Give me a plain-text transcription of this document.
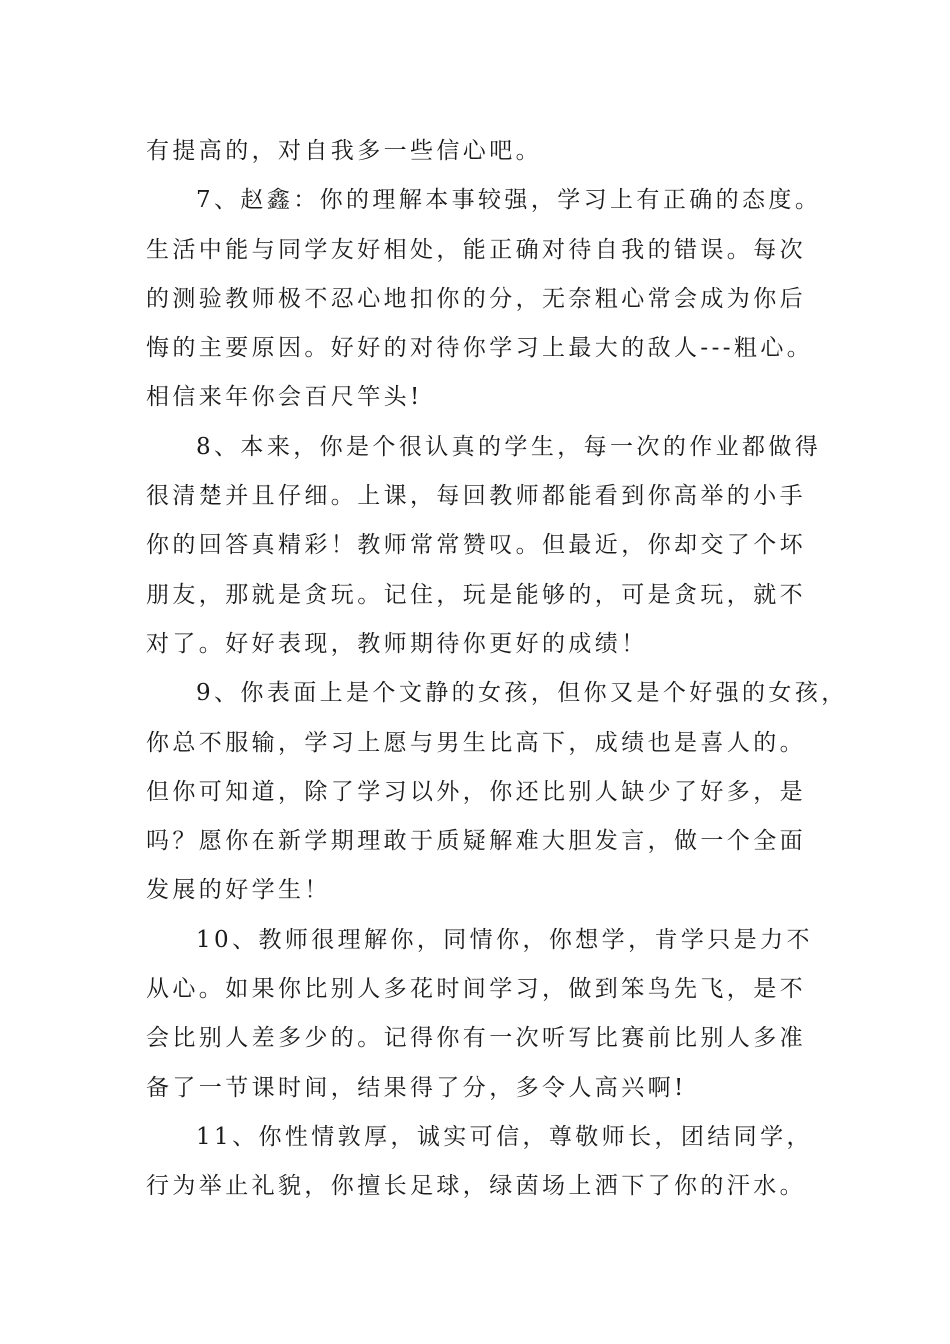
有提高的，对自我多一些信心吧。
7、赵鑫：你的理解本事较强，学习上有正确的态度。
生活中能与同学友好相处，能正确对待自我的错误。每次
的测验教师极不忍心地扣你的分，无奈粗心常会成为你后
悔的主要原因。好好的对待你学习上最大的敌人---粗心。
相信来年你会百尺竿头!
8、本来，你是个很认真的学生，每一次的作业都做得
很清楚并且仔细。上课，每回教师都能看到你高举的小手
你的回答真精彩！教师常常赞叹。但最近，你却交了个坏
朋友，那就是贪玩。记住，玩是能够的，可是贪玩，就不
对了。好好表现，教师期待你更好的成绩！
9、你表面上是个文静的女孩，但你又是个好强的女孩，
你总不服输，学习上愿与男生比高下，成绩也是喜人的。
但你可知道，除了学习以外，你还比别人缺少了好多，是
吗？愿你在新学期理敢于质疑解难大胆发言，做一个全面
发展的好学生！
10、教师很理解你，同情你，你想学，肯学只是力不
从心。如果你比别人多花时间学习，做到笨鸟先飞，是不
会比别人差多少的。记得你有一次听写比赛前比别人多准
备了一节课时间，结果得了分，多令人高兴啊!
11、你性情敦厚，诚实可信，尊敬师长，团结同学，
行为举止礼貌，你擅长足球，绿茵场上洒下了你的汗水。
